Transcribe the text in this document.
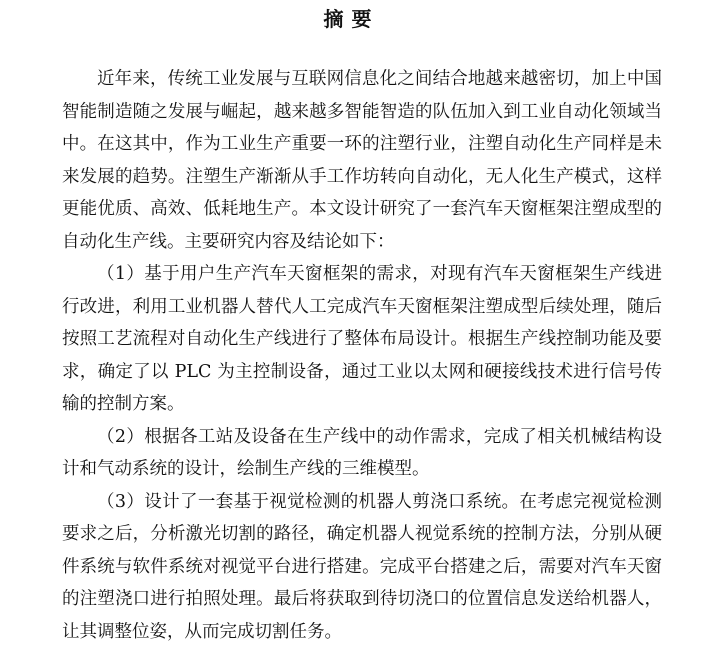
摘要

近年来，传统工业发展与互联网信息化之间结合地越来越密切，加上中国智能制造随之发展与崛起，越来越多智能智造的队伍加入到工业自动化领域当中。在这其中，作为工业生产重要一环的注塑行业，注塑自动化生产同样是未来发展的趋势。注塑生产渐渐从手工作坊转向自动化，无人化生产模式，这样更能优质、高效、低耗地生产。本文设计研究了一套汽车天窗框架注塑成型的自动化生产线。主要研究内容及结论如下：

（1）基于用户生产汽车天窗框架的需求，对现有汽车天窗框架生产线进行改进，利用工业机器人替代人工完成汽车天窗框架注塑成型后续处理，随后按照工艺流程对自动化生产线进行了整体布局设计。根据生产线控制功能及要求，确定了以 PLC 为主控制设备，通过工业以太网和硬接线技术进行信号传输的控制方案。

（2）根据各工站及设备在生产线中的动作需求，完成了相关机械结构设计和气动系统的设计，绘制生产线的三维模型。

（3）设计了一套基于视觉检测的机器人剪浇口系统。在考虑完视觉检测要求之后，分析激光切割的路径，确定机器人视觉系统的控制方法，分别从硬件系统与软件系统对视觉平台进行搭建。完成平台搭建之后，需要对汽车天窗的注塑浇口进行拍照处理。最后将获取到待切浇口的位置信息发送给机器人，让其调整位姿，从而完成切割任务。
